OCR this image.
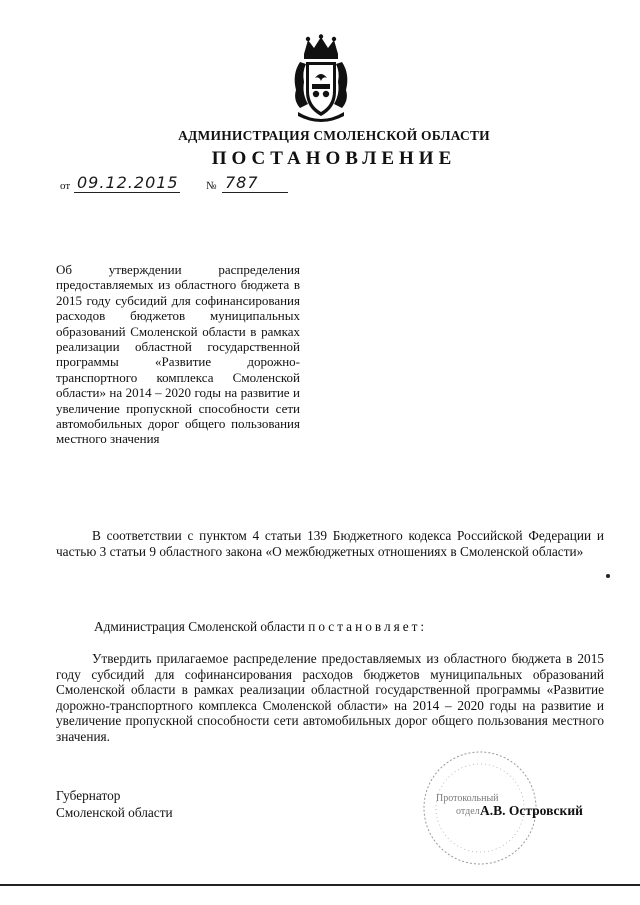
АДМИНИСТРАЦИЯ СМОЛЕНСКОЙ ОБЛАСТИ
ПОСТАНОВЛЕНИЕ
от 09.12.2015 № 787
Об утверждении распределения предоставляемых из областного бюджета в 2015 году субсидий для софинансирования расходов бюджетов муниципальных образований Смоленской области в рамках реализации областной государственной программы «Развитие дорожно-транспортного комплекса Смоленской области» на 2014 – 2020 годы на развитие и увеличение пропускной способности сети автомобильных дорог общего пользования местного значения
В соответствии с пунктом 4 статьи 139 Бюджетного кодекса Российской Федерации и частью 3 статьи 9 областного закона «О межбюджетных отношениях в Смоленской области»
Администрация Смоленской области постановляет:
Утвердить прилагаемое распределение предоставляемых из областного бюджета в 2015 году субсидий для софинансирования расходов бюджетов муниципальных образований Смоленской области в рамках реализации областной государственной программы «Развитие дорожно-транспортного комплекса Смоленской области» на 2014 – 2020 годы на развитие и увеличение пропускной способности сети автомобильных дорог общего пользования местного значения.
Протокольный
отдел
Губернатор
Смоленской области	А.В. Островский
